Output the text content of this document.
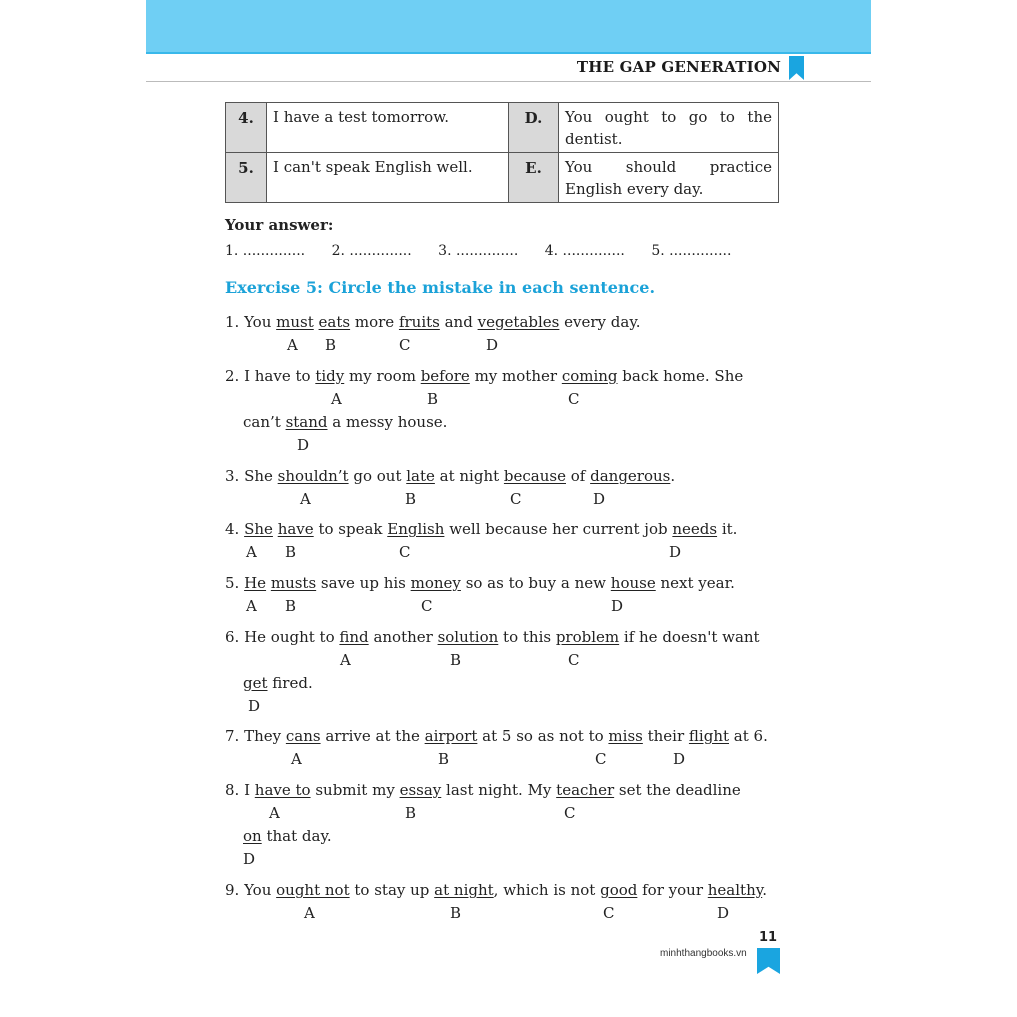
THE GAP GENERATION
4.	I have a test tomorrow.	D.	You ought to go to the dentist.
5.	I can't speak English well.	E.	You should practice English every day.
Your answer:
1. .............. 2. .............. 3. .............. 4. .............. 5. ..............
Exercise 5: Circle the mistake in each sentence.
1. You must eats more fruits and vegetables every day.
A B	C	D
2. I have to tidy my room before my mother coming back home. She
A	B	C
can’t stand a messy house.
D
3. She shouldn’t go out late at night because of dangerous.
A	B	C	D
4. She have to speak English well because her current job needs it.
A B	C	D
5. He musts save up his money so as to buy a new house next year.
A B	C	D
6. He ought to find another solution to this problem if he doesn't want
A	B	C
get fired.
D
7. They cans arrive at the airport at 5 so as not to miss their flight at 6.
A	B	C	D
8. I have to submit my essay last night. My teacher set the deadline
A	B	C
on that day.
D
9. You ought not to stay up at night, which is not good for your healthy.
A	B	C	D
11
minhthangbooks.vn
